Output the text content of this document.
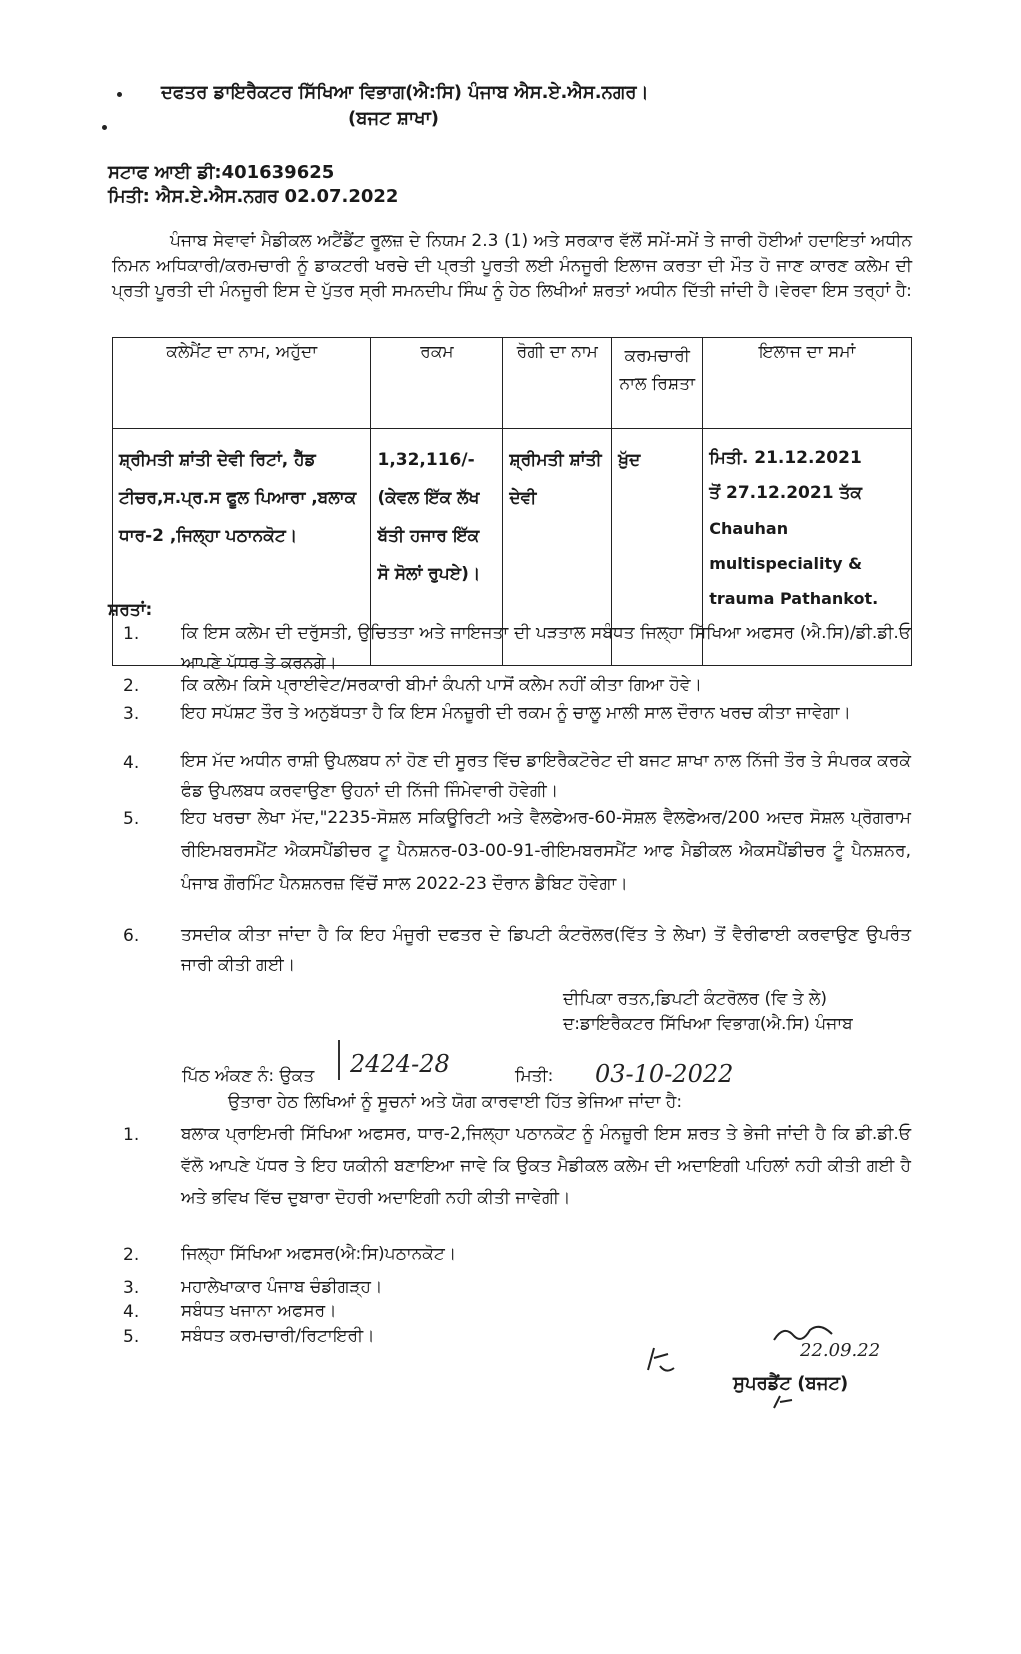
ਦਫਤਰ ਡਾਇਰੈਕਟਰ ਸਿੱਖਿਆ ਵਿਭਾਗ(ਐ:ਸਿ) ਪੰਜਾਬ ਐਸ.ਏ.ਐਸ.ਨਗਰ।
(ਬਜਟ ਸ਼ਾਖਾ)
ਸਟਾਫ ਆਈ ਡੀ:401639625
ਮਿਤੀ: ਐਸ.ਏ.ਐਸ.ਨਗਰ 02.07.2022
ਪੰਜਾਬ ਸੇਵਾਵਾਂ ਮੈਡੀਕਲ ਅਟੈਂਡੈਂਟ ਰੂਲਜ਼ ਦੇ ਨਿਯਮ 2.3 (1) ਅਤੇ ਸਰਕਾਰ ਵੱਲੋਂ ਸਮੇਂ-ਸਮੇਂ ਤੇ ਜਾਰੀ ਹੋਈਆਂ ਹਦਾਇਤਾਂ ਅਧੀਨ ਨਿਮਨ ਅਧਿਕਾਰੀ/ਕਰਮਚਾਰੀ ਨੂੰ ਡਾਕਟਰੀ ਖਰਚੇ ਦੀ ਪ੍ਰਤੀ ਪੂਰਤੀ ਲਈ ਮੰਨਜੂਰੀ ਇਲਾਜ ਕਰਤਾ ਦੀ ਮੌਤ ਹੋ ਜਾਣ ਕਾਰਣ ਕਲੇਮ ਦੀ ਪ੍ਰਤੀ ਪੂਰਤੀ ਦੀ ਮੰਨਜੂਰੀ ਇਸ ਦੇ ਪੁੱਤਰ ਸ੍ਰੀ ਸਮਨਦੀਪ ਸਿੰਘ ਨੂੰ ਹੇਠ ਲਿਖੀਆਂ ਸ਼ਰਤਾਂ ਅਧੀਨ ਦਿੱਤੀ ਜਾਂਦੀ ਹੈ।ਵੇਰਵਾ ਇਸ ਤਰ੍ਹਾਂ ਹੈ:
ਕਲੇਮੈਂਟ ਦਾ ਨਾਮ, ਅਹੁੱਦਾ	ਰਕਮ	ਰੋਗੀ ਦਾ ਨਾਮ	ਕਰਮਚਾਰੀ ਨਾਲ ਰਿਸ਼ਤਾ	ਇਲਾਜ ਦਾ ਸਮਾਂ
ਸ਼੍ਰੀਮਤੀ ਸ਼ਾਂਤੀ ਦੇਵੀ ਰਿਟਾਂ, ਹੈੱਡ ਟੀਚਰ,ਸ.ਪ੍ਰ.ਸ ਫੂਲ ਪਿਆਰਾ ,ਬਲਾਕ ਧਾਰ-2 ,ਜਿਲ੍ਹਾ ਪਠਾਨਕੋਟ।	1,32,116/-(ਕੇਵਲ ਇੱਕ ਲੱਖ ਬੱਤੀ ਹਜਾਰ ਇੱਕ ਸੋ ਸੋਲਾਂ ਰੁਪਏ)।	ਸ਼੍ਰੀਮਤੀ ਸ਼ਾਂਤੀ ਦੇਵੀ	ਖ਼ੁੱਦ	ਮਿਤੀ. 21.12.2021
ਤੋਂ 27.12.2021 ਤੱਕ
Chauhan
multispeciality &
trauma Pathankot.
ਸ਼ਰਤਾਂ:
1. ਕਿ ਇਸ ਕਲੇਮ ਦੀ ਦਰੁੱਸਤੀ, ਉਚਿਤਤਾ ਅਤੇ ਜਾਇਜਤਾ ਦੀ ਪੜਤਾਲ ਸਬੰਧਤ ਜਿਲ੍ਹਾ ਸਿੱਖਿਆ ਅਫਸਰ (ਐ.ਸਿ)/ਡੀ.ਡੀ.ਓ ਆਪਣੇ ਪੱਧਰ ਤੇ ਕਰਨਗੇ।
2. ਕਿ ਕਲੇਮ ਕਿਸੇ ਪ੍ਰਾਈਵੇਟ/ਸਰਕਾਰੀ ਬੀਮਾਂ ਕੰਪਨੀ ਪਾਸੋਂ ਕਲੇਮ ਨਹੀਂ ਕੀਤਾ ਗਿਆ ਹੋਵੇ।
3. ਇਹ ਸਪੱਸ਼ਟ ਤੌਰ ਤੇ ਅਨੁਬੱਧਤਾ ਹੈ ਕਿ ਇਸ ਮੰਨਜ਼ੂਰੀ ਦੀ ਰਕਮ ਨੂੰ ਚਾਲੂ ਮਾਲੀ ਸਾਲ ਦੌਰਾਨ ਖਰਚ ਕੀਤਾ ਜਾਵੇਗਾ।
4. ਇਸ ਮੱਦ ਅਧੀਨ ਰਾਸ਼ੀ ਉਪਲਬਧ ਨਾਂ ਹੋਣ ਦੀ ਸੂਰਤ ਵਿੱਚ ਡਾਇਰੈਕਟੋਰੇਟ ਦੀ ਬਜਟ ਸ਼ਾਖਾ ਨਾਲ ਨਿੱਜੀ ਤੌਰ ਤੇ ਸੰਪਰਕ ਕਰਕੇ ਫੰਡ ਉਪਲਬਧ ਕਰਵਾਉਣਾ ਉਹਨਾਂ ਦੀ ਨਿੱਜੀ ਜਿੰਮੇਵਾਰੀ ਹੋਵੇਗੀ।
5. ਇਹ ਖਰਚਾ ਲੇਖਾ ਮੱਦ,"2235-ਸੋਸ਼ਲ ਸਕਿਊਰਿਟੀ ਅਤੇ ਵੈਲਫੇਅਰ-60-ਸੋਸ਼ਲ ਵੈਲਫੇਅਰ/200 ਅਦਰ ਸੋਸ਼ਲ ਪ੍ਰੋਗਰਾਮ ਰੀਇਮਬਰਸਮੈਂਟ ਐਕਸਪੈਂਡੀਚਰ ਟੂ ਪੈਨਸ਼ਨਰ-03-00-91-ਰੀਇਮਬਰਸਮੈਂਟ ਆਫ ਮੈਡੀਕਲ ਐਕਸਪੈਂਡੀਚਰ ਟੂੰ ਪੈਨਸ਼ਨਰ, ਪੰਜਾਬ ਗੌਰਮਿੰਟ ਪੈਨਸ਼ਨਰਜ਼ ਵਿੱਚੋਂ ਸਾਲ 2022-23 ਦੌਰਾਨ ਡੈਬਿਟ ਹੋਵੇਗਾ।
6. ਤਸਦੀਕ ਕੀਤਾ ਜਾਂਦਾ ਹੈ ਕਿ ਇਹ ਮੰਜੂਰੀ ਦਫਤਰ ਦੇ ਡਿਪਟੀ ਕੰਟਰੋਲਰ(ਵਿੱਤ ਤੇ ਲੇਖਾ) ਤੋਂ ਵੈਰੀਫਾਈ ਕਰਵਾਉਣ ਉਪਰੰਤ ਜਾਰੀ ਕੀਤੀ ਗਈ।
ਦੀਪਿਕਾ ਰਤਨ,ਡਿਪਟੀ ਕੰਟਰੋਲਰ (ਵਿ ਤੇ ਲੇ)
ਦ:ਡਾਇਰੈਕਟਰ ਸਿੱਖਿਆ ਵਿਭਾਗ(ਐ.ਸਿ) ਪੰਜਾਬ
ਪਿੱਠ ਅੰਕਣ ਨੰ: ਉਕਤ 2424-28	ਮਿਤੀ: 03-10-2022
ਉਤਾਰਾ ਹੇਠ ਲਿਖਿਆਂ ਨੂੰ ਸੂਚਨਾਂ ਅਤੇ ਯੋਗ ਕਾਰਵਾਈ ਹਿੱਤ ਭੇਜਿਆ ਜਾਂਦਾ ਹੈ:
1. ਬਲਾਕ ਪ੍ਰਾਇਮਰੀ ਸਿੱਖਿਆ ਅਫਸਰ, ਧਾਰ-2,ਜਿਲ੍ਹਾ ਪਠਾਨਕੋਟ ਨੂੰ ਮੰਨਜ਼ੂਰੀ ਇਸ ਸ਼ਰਤ ਤੇ ਭੇਜੀ ਜਾਂਦੀ ਹੈ ਕਿ ਡੀ.ਡੀ.ਓ ਵੱਲੋ ਆਪਣੇ ਪੱਧਰ ਤੇ ਇਹ ਯਕੀਨੀ ਬਣਾਇਆ ਜਾਵੇ ਕਿ ਉਕਤ ਮੈਡੀਕਲ ਕਲੇਮ ਦੀ ਅਦਾਇਗੀ ਪਹਿਲਾਂ ਨਹੀ ਕੀਤੀ ਗਈ ਹੈ ਅਤੇ ਭਵਿਖ ਵਿੱਚ ਦੁਬਾਰਾ ਦੋਹਰੀ ਅਦਾਇਗੀ ਨਹੀ ਕੀਤੀ ਜਾਵੇਗੀ।
2. ਜਿਲ੍ਹਾ ਸਿੱਖਿਆ ਅਫਸਰ(ਐ:ਸਿ)ਪਠਾਨਕੋਟ।
3. ਮਹਾਲੇਖਾਕਾਰ ਪੰਜਾਬ ਚੰਡੀਗੜ੍ਹ।
4. ਸਬੰਧਤ ਖਜਾਨਾ ਅਫਸਰ।
5. ਸਬੰਧਤ ਕਰਮਚਾਰੀ/ਰਿਟਾਇਰੀ।
22.09.22
ਸੁਪਰਡੈਂਟ (ਬਜਟ)
